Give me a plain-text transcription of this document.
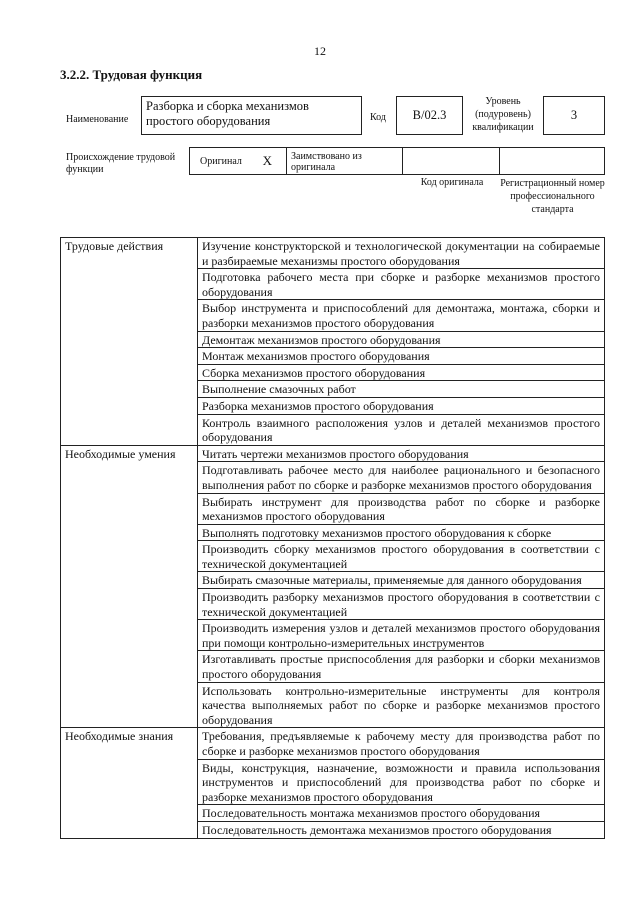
12
3.2.2. Трудовая функция
Наименование
Разборка и сборка механизмов простого оборудования	Код	B/02.3
Уровень (подуровень) квалификации
3
Происхождение трудовой функции
Оригинал X	Заимствовано из оригинала
Код оригинала	Регистрационный номер профессионального стандарта
Трудовые действия	Изучение конструкторской и технологической документации на собираемые и разбираемые механизмы простого оборудования
	Подготовка рабочего места при сборке и разборке механизмов простого оборудования
	Выбор инструмента и приспособлений для демонтажа, монтажа, сборки и разборки механизмов простого оборудования
	Демонтаж механизмов простого оборудования
	Монтаж механизмов простого оборудования
	Сборка механизмов простого оборудования
	Выполнение смазочных работ
	Разборка механизмов простого оборудования
	Контроль взаимного расположения узлов и деталей механизмов простого оборудования
Необходимые умения	Читать чертежи механизмов простого оборудования
	Подготавливать рабочее место для наиболее рационального и безопасного выполнения работ по сборке и разборке механизмов простого оборудования
	Выбирать инструмент для производства работ по сборке и разборке механизмов простого оборудования
	Выполнять подготовку механизмов простого оборудования к сборке
	Производить сборку механизмов простого оборудования в соответствии с технической документацией
	Выбирать смазочные материалы, применяемые для данного оборудования
	Производить разборку механизмов простого оборудования в соответствии с технической документацией
	Производить измерения узлов и деталей механизмов простого оборудования при помощи контрольно-измерительных инструментов
	Изготавливать простые приспособления для разборки и сборки механизмов простого оборудования
	Использовать контрольно-измерительные инструменты для контроля качества выполняемых работ по сборке и разборке механизмов простого оборудования
Необходимые знания	Требования, предъявляемые к рабочему месту для производства работ по сборке и разборке механизмов простого оборудования
	Виды, конструкция, назначение, возможности и правила использования инструментов и приспособлений для производства работ по сборке и разборке механизмов простого оборудования
	Последовательность монтажа механизмов простого оборудования
	Последовательность демонтажа механизмов простого оборудования
